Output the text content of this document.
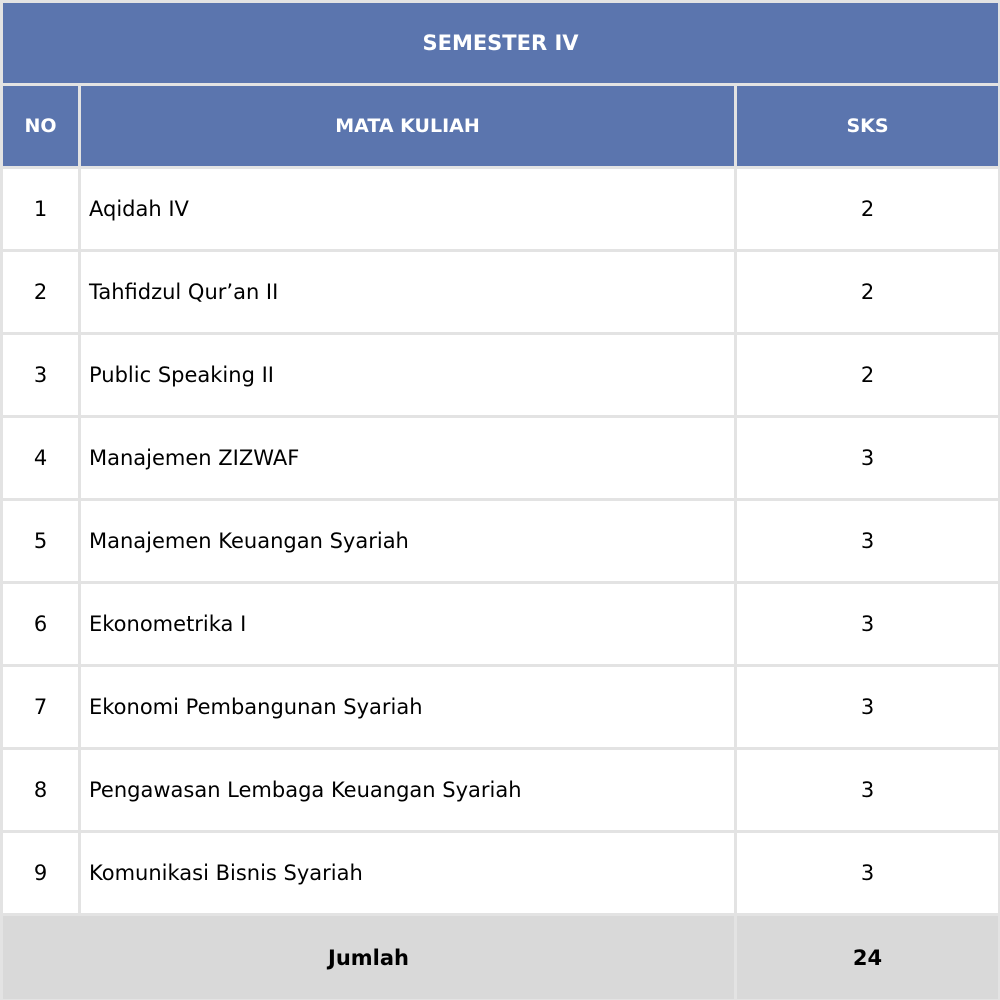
SEMESTER IV		
NO	MATA KULIAH	SKS
1	Aqidah IV	2
2	Tahfidzul Qur’an II	2
3	Public Speaking II	2
4	Manajemen ZIZWAF	3
5	Manajemen Keuangan Syariah	3
6	Ekonometrika I	3
7	Ekonomi Pembangunan Syariah	3
8	Pengawasan Lembaga Keuangan Syariah	3
9	Komunikasi Bisnis Syariah	3
Jumlah		24
